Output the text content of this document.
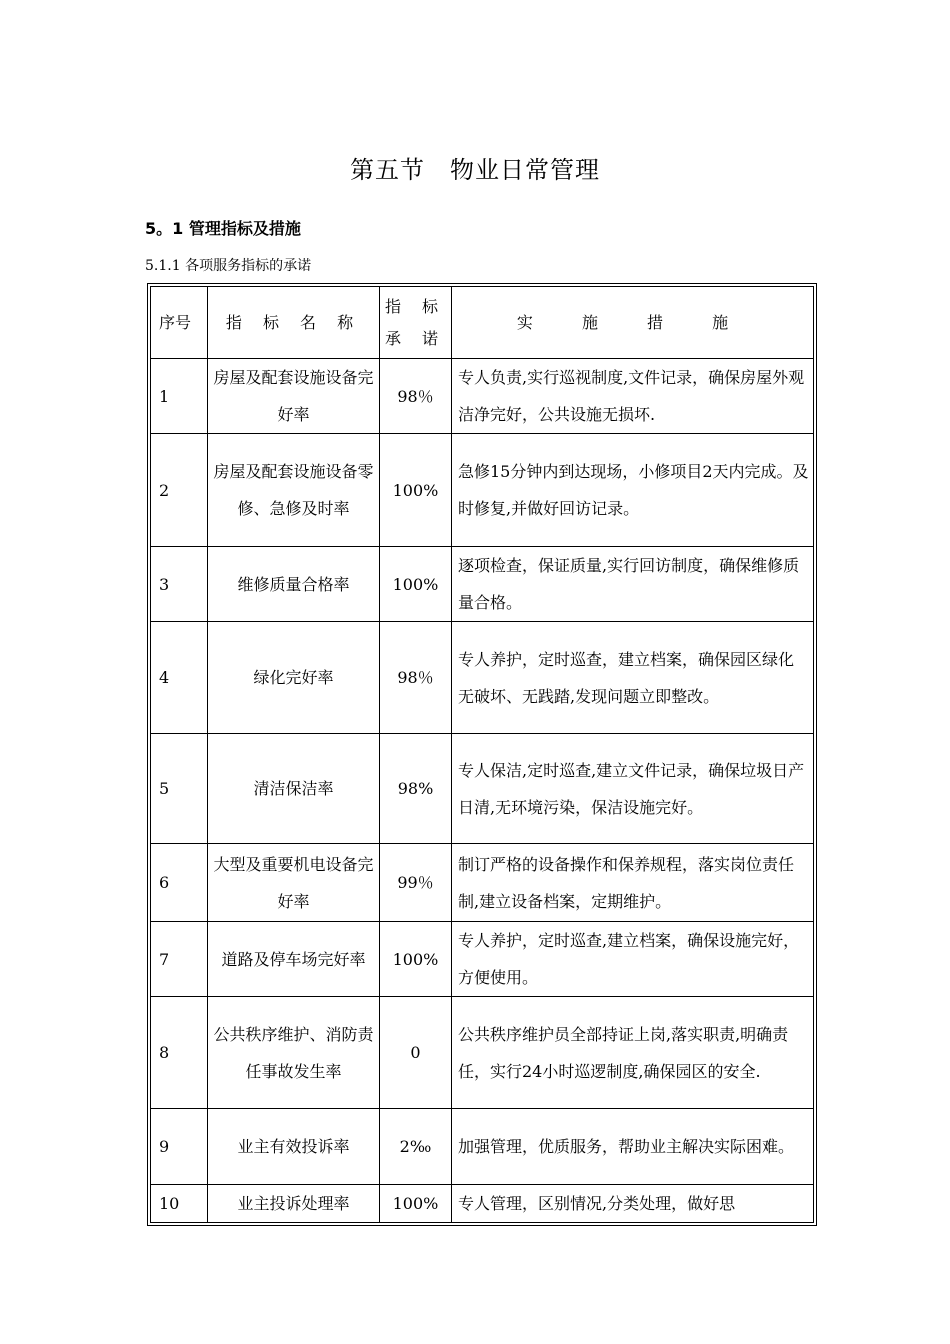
第五节　物业日常管理
5。1 管理指标及措施
5.1.1 各项服务指标的承诺
序号	指 标 名 称	指 标 承 诺	实 施 措 施
1	房屋及配套设施设备完好率	98％	专人负责,实行巡视制度,文件记录，确保房屋外观洁净完好，公共设施无损坏.
2	房屋及配套设施设备零修、急修及时率	100%	急修15分钟内到达现场，小修项目2天内完成。及时修复,并做好回访记录。
3	维修质量合格率	100%	逐项检查，保证质量,实行回访制度，确保维修质量合格。
4	绿化完好率	98％	专人养护，定时巡查，建立档案，确保园区绿化无破坏、无践踏,发现问题立即整改。
5	清洁保洁率	98%	专人保洁,定时巡查,建立文件记录，确保垃圾日产日清,无环境污染，保洁设施完好。
6	大型及重要机电设备完好率	99％	制订严格的设备操作和保养规程，落实岗位责任制,建立设备档案，定期维护。
7	道路及停车场完好率	100%	专人养护，定时巡查,建立档案，确保设施完好，方便使用。
8	公共秩序维护、消防责任事故发生率	0	公共秩序维护员全部持证上岗,落实职责,明确责任，实行24小时巡逻制度,确保园区的安全.
9	业主有效投诉率	2‰	加强管理，优质服务，帮助业主解决实际困难。
10	业主投诉处理率	100%	专人管理，区别情况,分类处理，做好思
